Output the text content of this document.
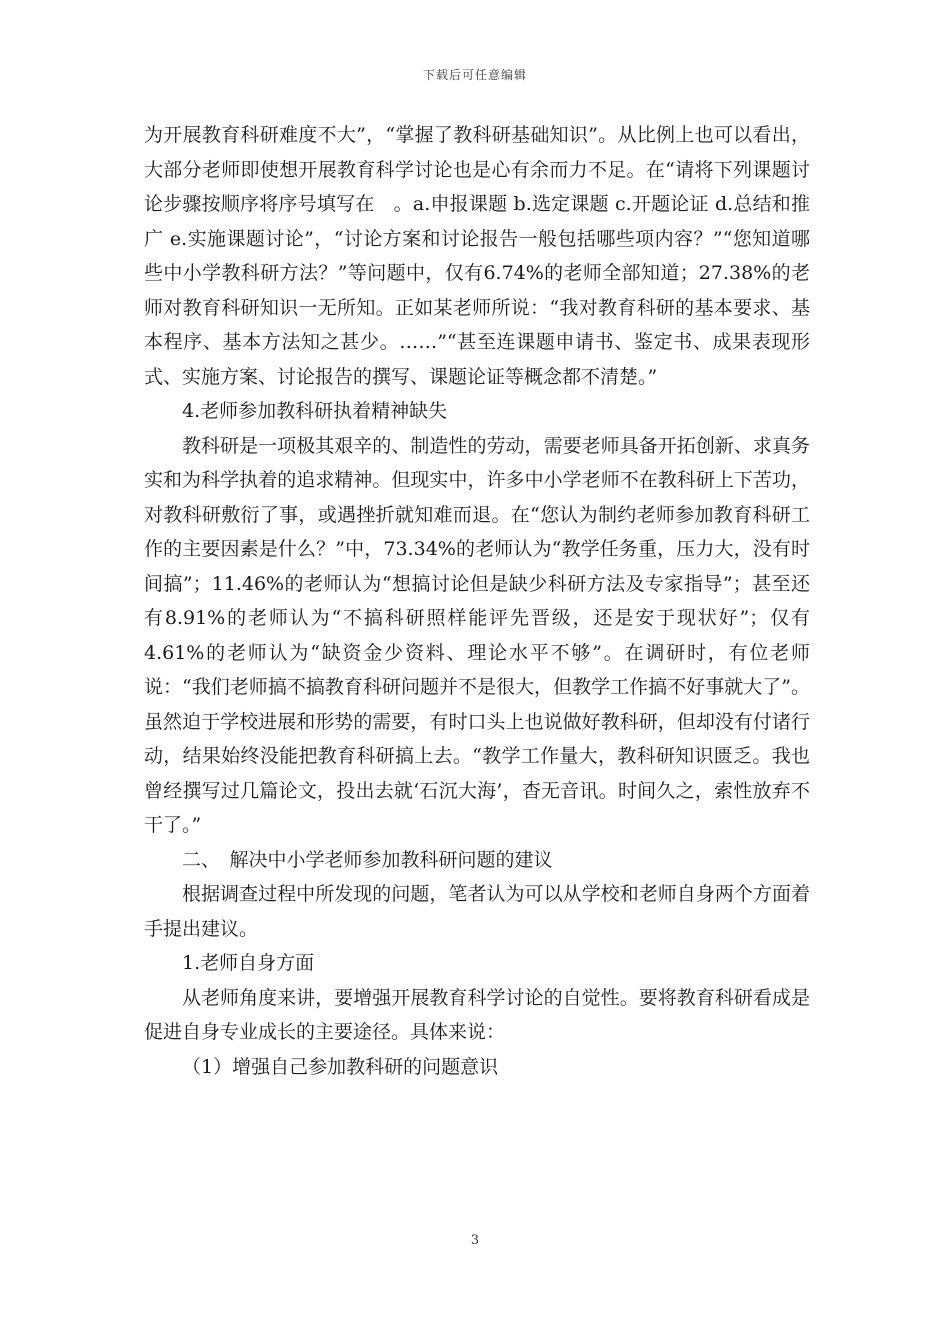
下载后可任意编辑

为开展教育科研难度不大”，“掌握了教科研基础知识”。从比例上也可以看出，大部分老师即使想开展教育科学讨论也是心有余而力不足。在“请将下列课题讨论步骤按顺序将序号填写在　。a.申报课题 b.选定课题 c.开题论证 d.总结和推广 e.实施课题讨论”，“讨论方案和讨论报告一般包括哪些项内容？”“您知道哪些中小学教科研方法？”等问题中，仅有6.74%的老师全部知道；27.38%的老师对教育科研知识一无所知。正如某老师所说：“我对教育科研的基本要求、基本程序、基本方法知之甚少。……”“甚至连课题申请书、鉴定书、成果表现形式、实施方案、讨论报告的撰写、课题论证等概念都不清楚。”

4.老师参加教科研执着精神缺失

教科研是一项极其艰辛的、制造性的劳动，需要老师具备开拓创新、求真务实和为科学执着的追求精神。但现实中，许多中小学老师不在教科研上下苦功，对教科研敷衍了事，或遇挫折就知难而退。在“您认为制约老师参加教育科研工作的主要因素是什么？”中，73.34%的老师认为“教学任务重，压力大，没有时间搞”；11.46%的老师认为“想搞讨论但是缺少科研方法及专家指导”；甚至还有8.91%的老师认为“不搞科研照样能评先晋级，还是安于现状好”；仅有4.61%的老师认为“缺资金少资料、理论水平不够”。在调研时，有位老师说：“我们老师搞不搞教育科研问题并不是很大，但教学工作搞不好事就大了”。虽然迫于学校进展和形势的需要，有时口头上也说做好教科研，但却没有付诸行动，结果始终没能把教育科研搞上去。“教学工作量大，教科研知识匮乏。我也曾经撰写过几篇论文，投出去就‘石沉大海’，杳无音讯。时间久之，索性放弃不干了。”

二、　解决中小学老师参加教科研问题的建议

根据调查过程中所发现的问题，笔者认为可以从学校和老师自身两个方面着手提出建议。

1.老师自身方面

从老师角度来讲，要增强开展教育科学讨论的自觉性。要将教育科研看成是促进自身专业成长的主要途径。具体来说：

（1）增强自己参加教科研的问题意识

3
